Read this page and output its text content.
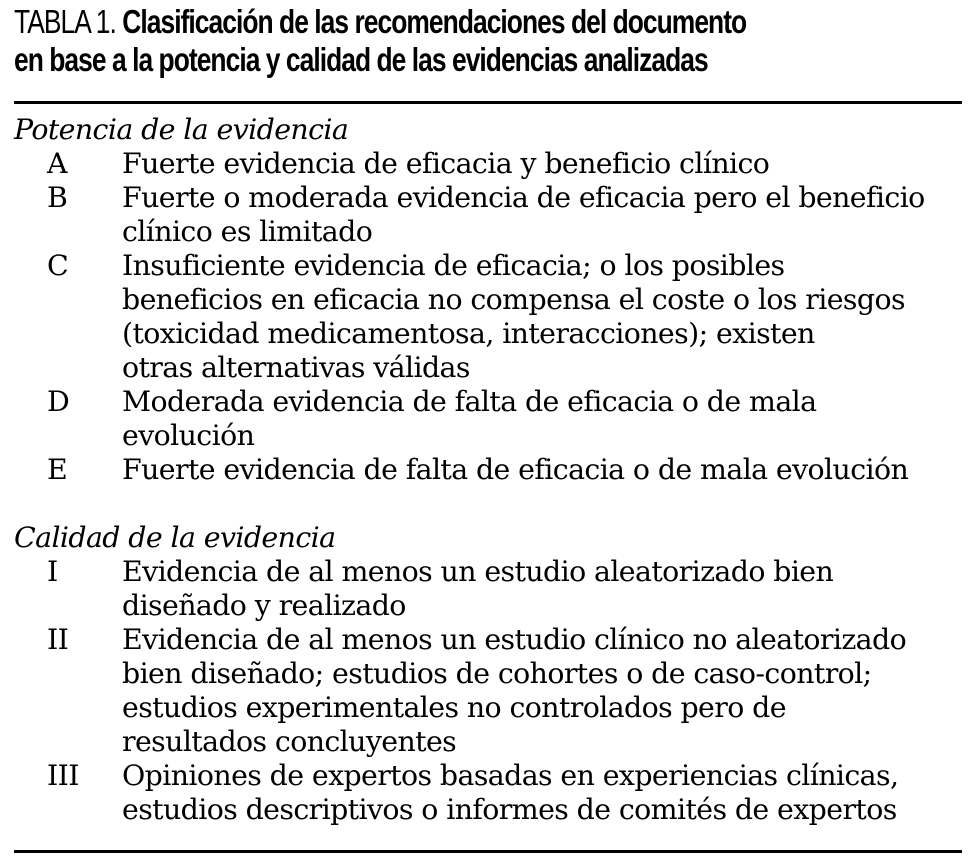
TABLA 1. Clasificación de las recomendaciones del documento
en base a la potencia y calidad de las evidencias analizadas

Potencia de la evidencia

A	Fuerte evidencia de eficacia y beneficio clínico
B	Fuerte o moderada evidencia de eficacia pero el beneficio
clínico es limitado
C	Insuficiente evidencia de eficacia; o los posibles
beneficios en eficacia no compensa el coste o los riesgos
(toxicidad medicamentosa, interacciones); existen
otras alternativas válidas
D	Moderada evidencia de falta de eficacia o de mala
evolución
E	Fuerte evidencia de falta de eficacia o de mala evolución

Calidad de la evidencia

I	Evidencia de al menos un estudio aleatorizado bien
diseñado y realizado
II	Evidencia de al menos un estudio clínico no aleatorizado
bien diseñado; estudios de cohortes o de caso-control;
estudios experimentales no controlados pero de
resultados concluyentes
III	Opiniones de expertos basadas en experiencias clínicas,
estudios descriptivos o informes de comités de expertos
